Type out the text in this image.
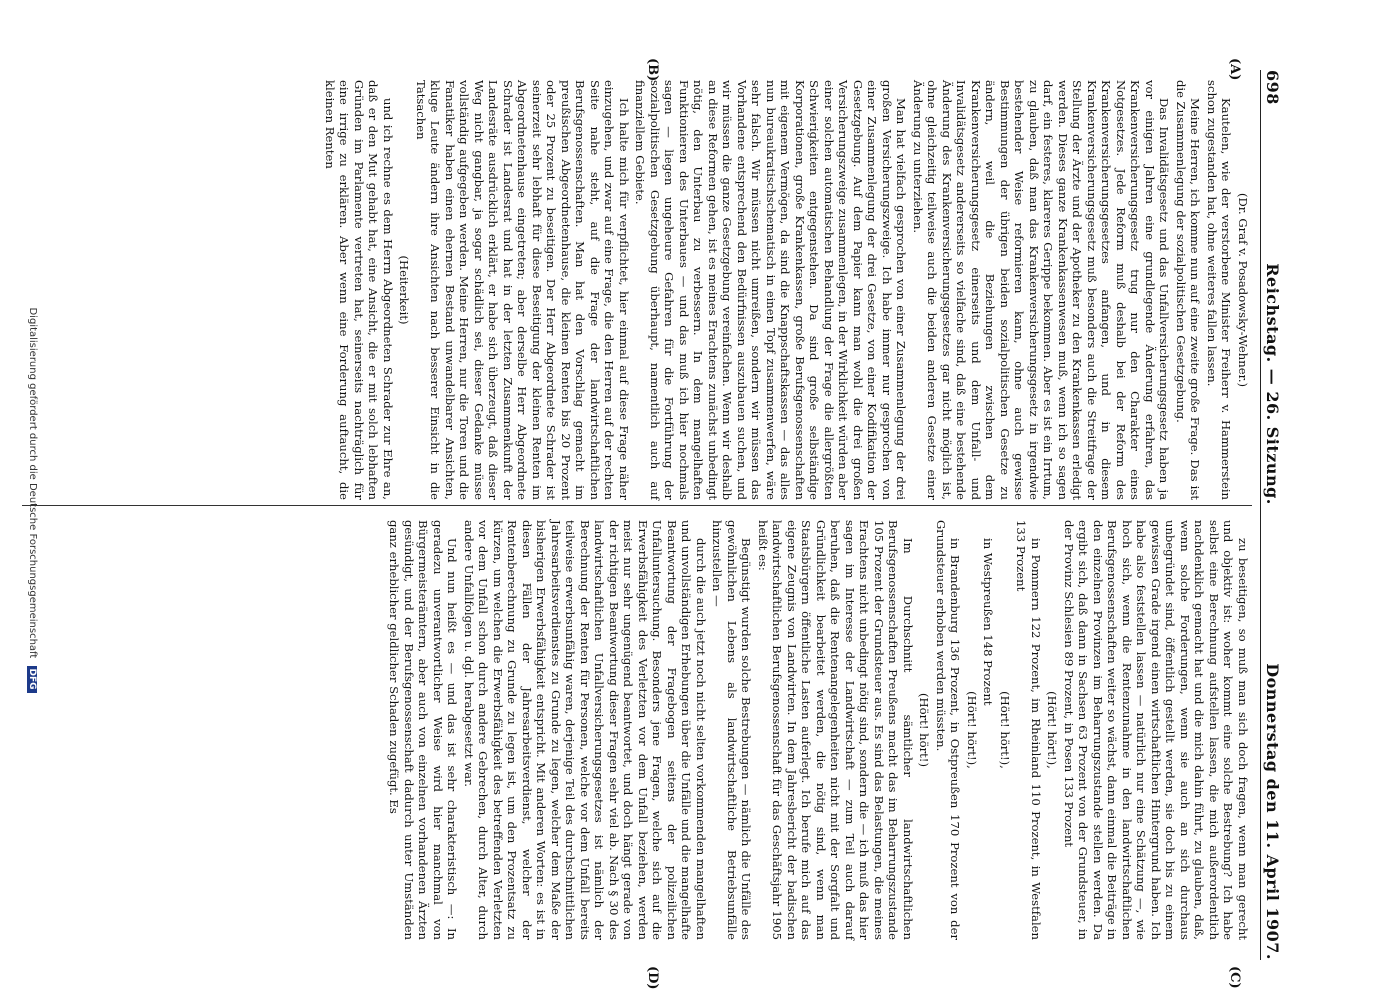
698
Reichstag. — 26. Sitzung.
Donnerstag den 11. April 1907.
(A)
(B)
(C)
(D)

(Dr. Graf v. Posadowsky-Wehner.)

Kautelen, wie der verstorbene Minister Freiherr v. Hammerstein schon zugestanden hat, ohne weiteres fallen lassen.

Meine Herren, ich komme nun auf eine zweite große Frage. Das ist die Zusammenlegung der sozialpolitischen Gesetzgebung.

Das Invalidätsgesetz und das Unfallversicherungsgesetz haben ja vor einigen Jahren eine grundlegende Änderung erfahren, das Krankenversicherungsgesetz trug nur den Charakter eines Notgesetzes. Jede Reform muß deshalb bei der Reform des Krankenversicherungsgesetzes anfangen, und in diesem Krankenversicherungsgesetz muß besonders auch die Streitfrage der Stellung der Ärzte und der Apotheker zu den Krankenkassen erledigt werden. Dieses ganze Krankenkassenwesen muß, wenn ich so sagen darf, ein festeres, klareres Gerippe bekommen. Aber es ist ein Irrtum, zu glauben, daß man das Krankenversicherungsgesetz in irgendwie bestehender Weise reformieren kann, ohne auch gewisse Bestimmungen der übrigen beiden sozialpolitischen Gesetze zu ändern, weil die Beziehungen zwischen dem Krankenversicherungsgesetz einerseits und dem Unfall- und Invalidätsgesetz andererseits so vielfache sind, daß eine bestehende Änderung des Krankenversicherungsgesetzes gar nicht möglich ist, ohne gleichzeitig teilweise auch die beiden anderen Gesetze einer Änderung zu unterziehen.

Man hat vielfach gesprochen von einer Zusammenlegung der drei großen Versicherungszweige. Ich habe immer nur gesprochen von einer Zusammenlegung der drei Gesetze, von einer Kodifikation der Gesetzgebung. Auf dem Papier kann man wohl die drei großen Versicherungszweige zusammenlegen, in der Wirklichkeit würden aber einer solchen automatischen Behandlung der Frage die allergrößten Schwierigkeiten entgegenstehen. Da sind große selbständige Korporationen, große Krankenkassen, große Berufsgenossenschaften mit eigenem Vermögen, da sind die Knappschaftskassen — das alles nun bureaukratischschematisch in einen Topf zusammenwerfen, wäre sehr falsch. Wir müssen nicht umreißen, sondern wir müssen das Vorhandene entsprechend den Bedürfnissen auszubauen suchen, und wir müssen die ganze Gesetzgebung vereinfachen. Wenn wir deshalb an diese Reformen gehen, ist es meines Erachtens zunächst unbedingt nötig, den Unterbau zu verbessern. In dem mangelhaften Funktionieren des Unterbaues — und das muß ich hier nochmals sagen — liegen ungeheure Gefahren für die Fortführung der sozialpolitischen Gesetzgebung überhaupt, namentlich auch auf finanziellem Gebiete.

Ich halte mich für verpflichtet, hier einmal auf diese Frage näher einzugehen, und zwar auf eine Frage, die den Herren auf der rechten Seite nahe steht, auf die Frage der landwirtschaftlichen Berufsgenossenschaften. Man hat den Vorschlag gemacht im preußischen Abgeordnetenhause, die kleinen Renten bis 20 Prozent oder 25 Prozent zu beseitigen. Der Herr Abgeordnete Schrader ist seinerzeit sehr lebhaft für diese Beseitigung der kleinen Renten im Abgeordnetenhause eingetreten; aber derselbe Herr Abgeordnete Schrader ist Landesrat und hat in der letzten Zusammenkunft der Landesräte ausdrücklich erklärt, er habe sich überzeugt, daß dieser Weg nicht gangbar, ja sogar schädlich sei, dieser Gedanke müsse vollständig aufgegeben werden. Meine Herren, nur die Toren und die Fanatiker haben einen ehernen Bestand unwandelbarer Ansichten, kluge Leute ändern ihre Ansichten nach besserer Einsicht in die Tatsachen

(Heiterkeit)

und ich rechne es dem Herrn Abgeordneten Schrader zur Ehre an, daß er den Mut gehabt hat, eine Ansicht, die er mit solch lebhaften Gründen im Parlamente vertreten hat, seinerseits nachträglich für eine irrige zu erklären. Aber wenn eine Forderung auftaucht, die kleinen Renten

zu beseitigen, so muß man sich doch fragen, wenn man gerecht und objektiv ist: woher kommt eine solche Bestrebung? Ich habe selbst eine Berechnung aufstellen lassen, die mich außerordentlich nachdenklich gemacht hat und die mich dahin führt, zu glauben, daß, wenn solche Forderungen, wenn sie auch an sich durchaus unbegründet sind, öffentlich gestellt werden, sie doch bis zu einem gewissen Grade irgend einen wirtschaftlichen Hintergrund haben. Ich habe also feststellen lassen — natürlich nur eine Schätzung —, wie hoch sich, wenn die Rentenzunahme in den landwirtschaftlichen Berufsgenossenschaften weiter so wächst, dann einmal die Beiträge in den einzelnen Provinzen im Beharrungszustande stellen werden. Da ergibt sich, daß dann in Sachsen 63 Prozent von der Grundsteuer, in der Provinz Schlesien 89 Prozent, in Posen 133 Prozent

(Hört! hört!),

in Pommern 122 Prozent, im Rheinland 110 Prozent, in Westfalen 133 Prozent

(Hört! hört!),

in Westpreußen 148 Prozent

(Hört! hört!),

in Brandenburg 136 Prozent, in Ostpreußen 170 Prozent von der Grundsteuer erhoben werden müssten.

(Hört! hört!)

Im Durchschnitt sämtlicher landwirtschaftlichen Berufsgenossenschaften Preußens macht das im Beharrungszustande 105 Prozent der Grundsteuer aus. Es sind das Belastungen, die meines Erachtens nicht unbedingt nötig sind, sondern die — ich muß das hier sagen im Interesse der Landwirtschaft — zum Teil auch darauf beruhen, daß die Rentenangelegenheiten nicht mit der Sorgfalt und Gründlichkeit bearbeitet werden, die nötig sind, wenn man Staatsbürgern öffentliche Lasten auferlegt. Ich berufe mich auf das eigene Zeugnis von Landwirten. In dem Jahresbericht der badischen landwirtschaftlichen Berufsgenossenschaft für das Geschäftsjahr 1905 heißt es:

Begünstigt wurden solche Bestrebungen — nämlich die Unfälle des gewöhnlichen Lebens als landwirtschaftliche Betriebsunfälle hinzustellen —

durch die auch jetzt noch nicht selten vorkommenden mangelhaften und unvollständigen Erhebungen über die Unfälle und die mangelhafte Beantwortung der Fragebogen seitens der polizeilichen Unfalluntersuchung. Besonders jene Fragen, welche sich auf die Erwerbsfähigkeit des Verletzten vor dem Unfall beziehen, werden meist nur sehr ungenügend beantwortet, und doch hängt gerade von der richtigen Beantwortung dieser Fragen sehr viel ab. Nach § 30 des landwirtschaftlichen Unfallversicherungsgesetzes ist nämlich der Berechnung der Renten für Personen, welche vor dem Unfall bereits teilweise erwerbsunfähig waren, derjenige Teil des durchschnittlichen Jahresarbeitsverdienstes zu Grunde zu legen, welcher dem Maße der bisherigen Erwerbsfähigkeit entspricht. Mit anderen Worten: es ist in diesen Fällen der Jahresarbeitsverdienst, welcher der Rentenberechnung zu Grunde zu legen ist, um den Prozentsatz zu kürzen, um welchen die Erwerbsfähigkeit des betreffenden Verletzten vor dem Unfall schon durch andere Gebrechen, durch Alter, durch andere Unfallfolgen u. dgl. herabgesetzt war.

Und nun heißt es — und das ist sehr charakteristisch —: In geradezu unverantwortlicher Weise wird hier manchmal von Bürgermeisterämtern, aber auch von einzelnen vorhandenen Ärzten gesündigt, und der Berufsgenossenschaft dadurch unter Umständen ganz erheblicher geldlicher Schaden zugefügt. Es

Digitalisierung gefördert durch die Deutsche Forschungsgemeinschaft DFG
